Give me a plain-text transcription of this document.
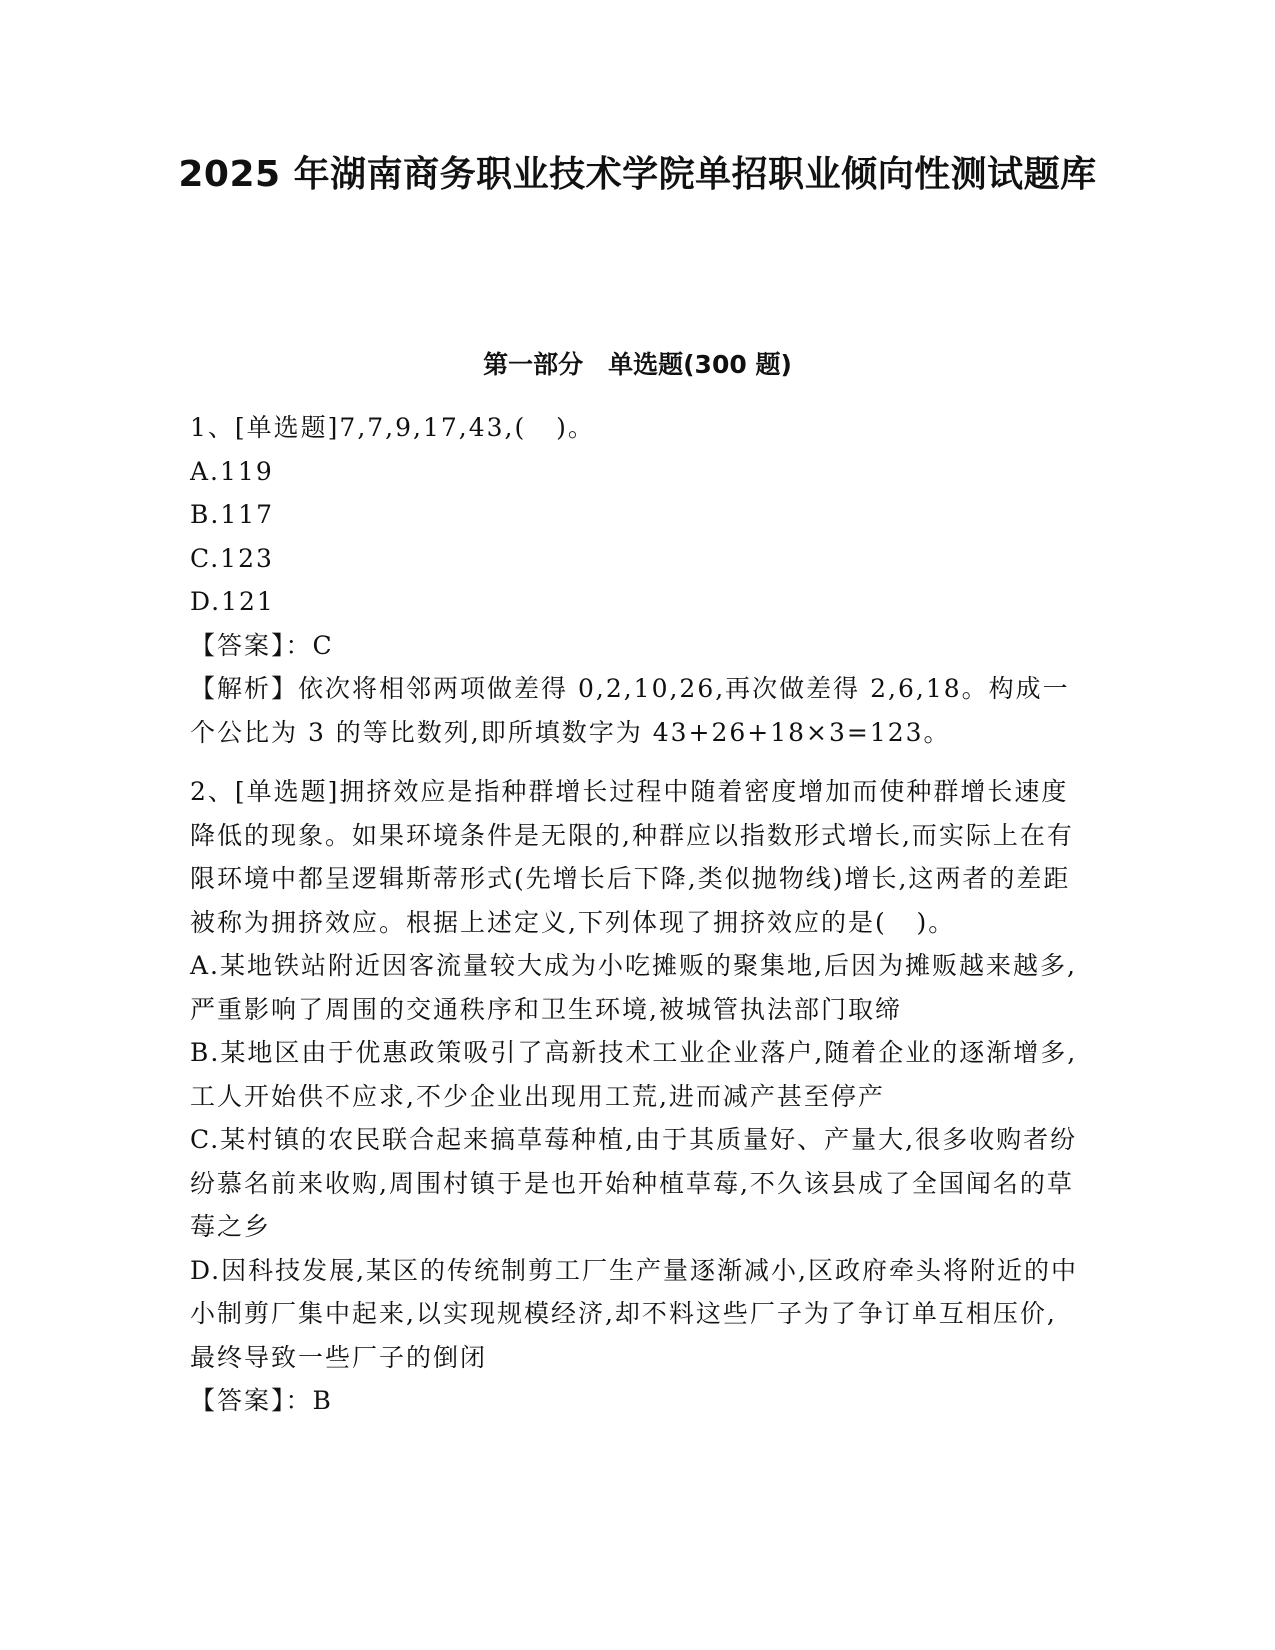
2025 年湖南商务职业技术学院单招职业倾向性测试题库
第一部分　单选题(300 题)

1、[单选题]7,7,9,17,43,(   )。

A.119

B.117

C.123

D.121

【答案】：C

【解析】依次将相邻两项做差得 0,2,10,26,再次做差得 2,6,18。构成一个公比为 3 的等比数列,即所填数字为 43+26+18×3=123。

2、[单选题]拥挤效应是指种群增长过程中随着密度增加而使种群增长速度降低的现象。如果环境条件是无限的,种群应以指数形式增长,而实际上在有限环境中都呈逻辑斯蒂形式(先增长后下降,类似抛物线)增长,这两者的差距被称为拥挤效应。根据上述定义,下列体现了拥挤效应的是(   )。

A.某地铁站附近因客流量较大成为小吃摊贩的聚集地,后因为摊贩越来越多,严重影响了周围的交通秩序和卫生环境,被城管执法部门取缔

B.某地区由于优惠政策吸引了高新技术工业企业落户,随着企业的逐渐增多,工人开始供不应求,不少企业出现用工荒,进而减产甚至停产

C.某村镇的农民联合起来搞草莓种植,由于其质量好、产量大,很多收购者纷纷慕名前来收购,周围村镇于是也开始种植草莓,不久该县成了全国闻名的草莓之乡

D.因科技发展,某区的传统制剪工厂生产量逐渐减小,区政府牵头将附近的中小制剪厂集中起来,以实现规模经济,却不料这些厂子为了争订单互相压价,最终导致一些厂子的倒闭

【答案】：B
